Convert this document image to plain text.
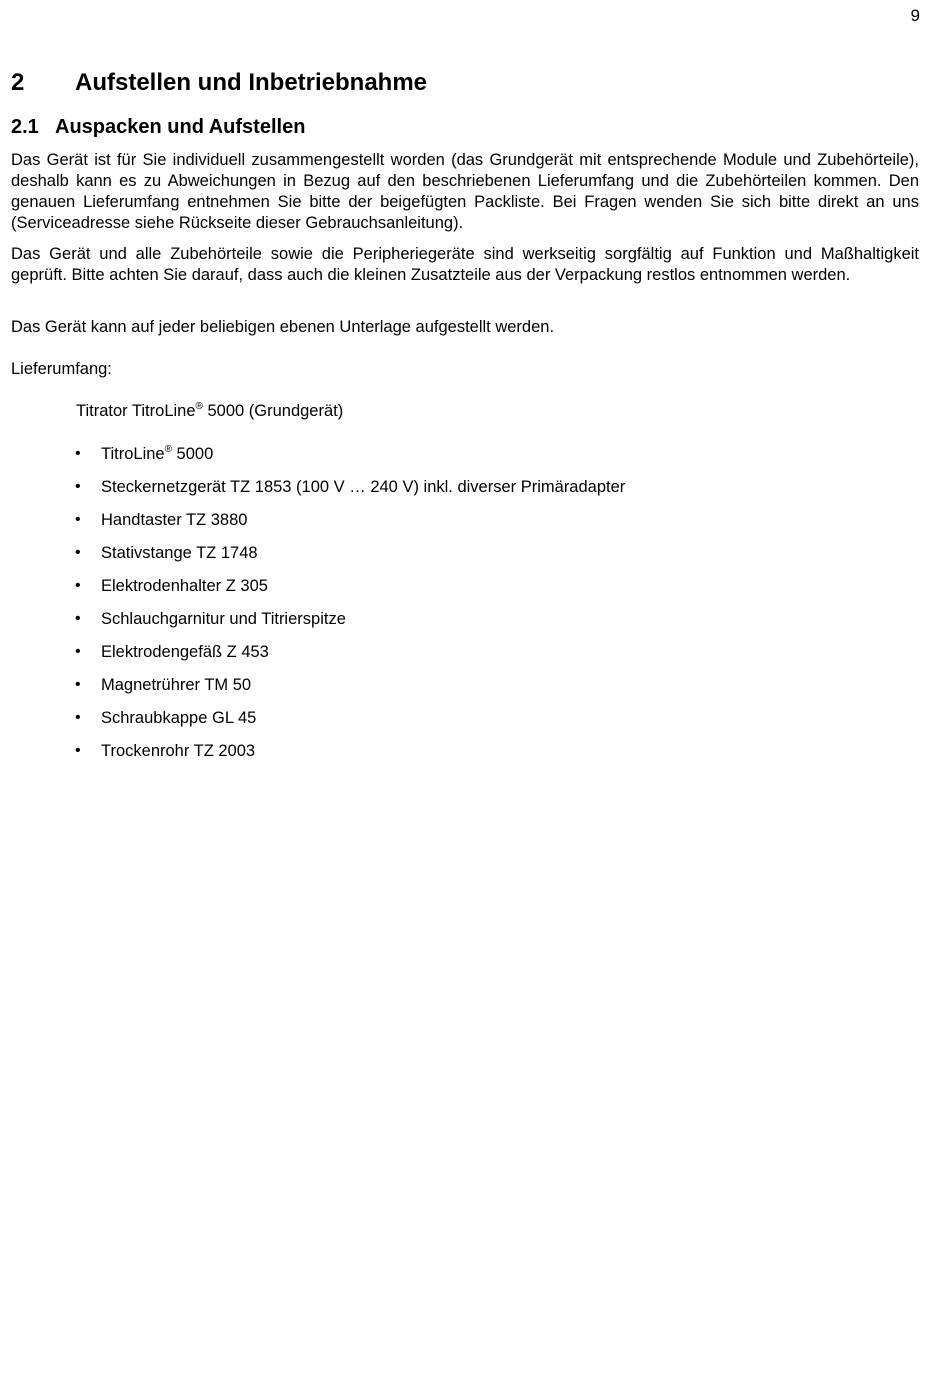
9
2 Aufstellen und Inbetriebnahme
2.1 Auspacken und Aufstellen

Das Gerät ist für Sie individuell zusammengestellt worden (das Grundgerät mit entsprechende Module und Zubehörteile), deshalb kann es zu Abweichungen in Bezug auf den beschriebenen Lieferumfang und die Zubehörteilen kommen. Den genauen Lieferumfang entnehmen Sie bitte der beigefügten Packliste. Bei Fragen wenden Sie sich bitte direkt an uns (Serviceadresse siehe Rückseite dieser Gebrauchsanleitung).

Das Gerät und alle Zubehörteile sowie die Peripheriegeräte sind werkseitig sorgfältig auf Funktion und Maßhaltigkeit geprüft. Bitte achten Sie darauf, dass auch die kleinen Zusatzteile aus der Verpackung restlos entnommen werden.

Das Gerät kann auf jeder beliebigen ebenen Unterlage aufgestellt werden.

Lieferumfang:
Titrator TitroLine® 5000 (Grundgerät)
• TitroLine® 5000
• Steckernetzgerät TZ 1853 (100 V … 240 V) inkl. diverser Primäradapter
• Handtaster TZ 3880
• Stativstange TZ 1748
• Elektrodenhalter Z 305
• Schlauchgarnitur und Titrierspitze
• Elektrodengefäß Z 453
• Magnetrührer TM 50
• Schraubkappe GL 45
• Trockenrohr TZ 2003
